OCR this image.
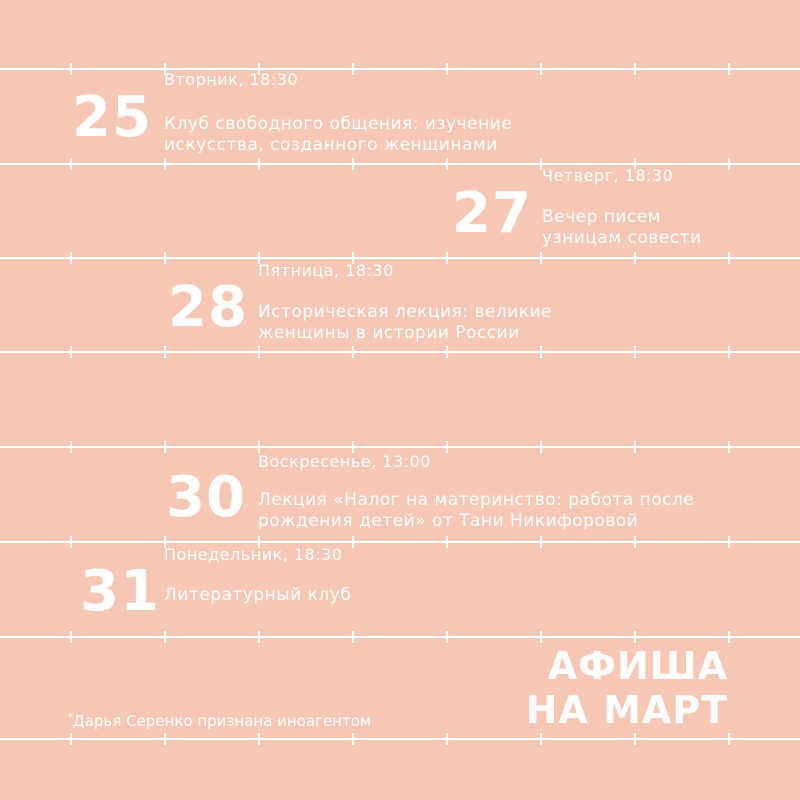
25
Вторник, 18:30
Клуб свободного общения: изучение
искусства, созданного женщинами
27
Четверг, 18:30
Вечер писем
узницам совести
28
Пятница, 18:30
Историческая лекция: великие
женщины в истории России
30
Воскресенье, 13:00
Лекция «Налог на материнство: работа после
рождения детей» от Тани Никифоровой
31
Понедельник, 18:30
Литературный клуб
АФИША
НА МАРТ
*Дарья Серенко признана иноагентом
